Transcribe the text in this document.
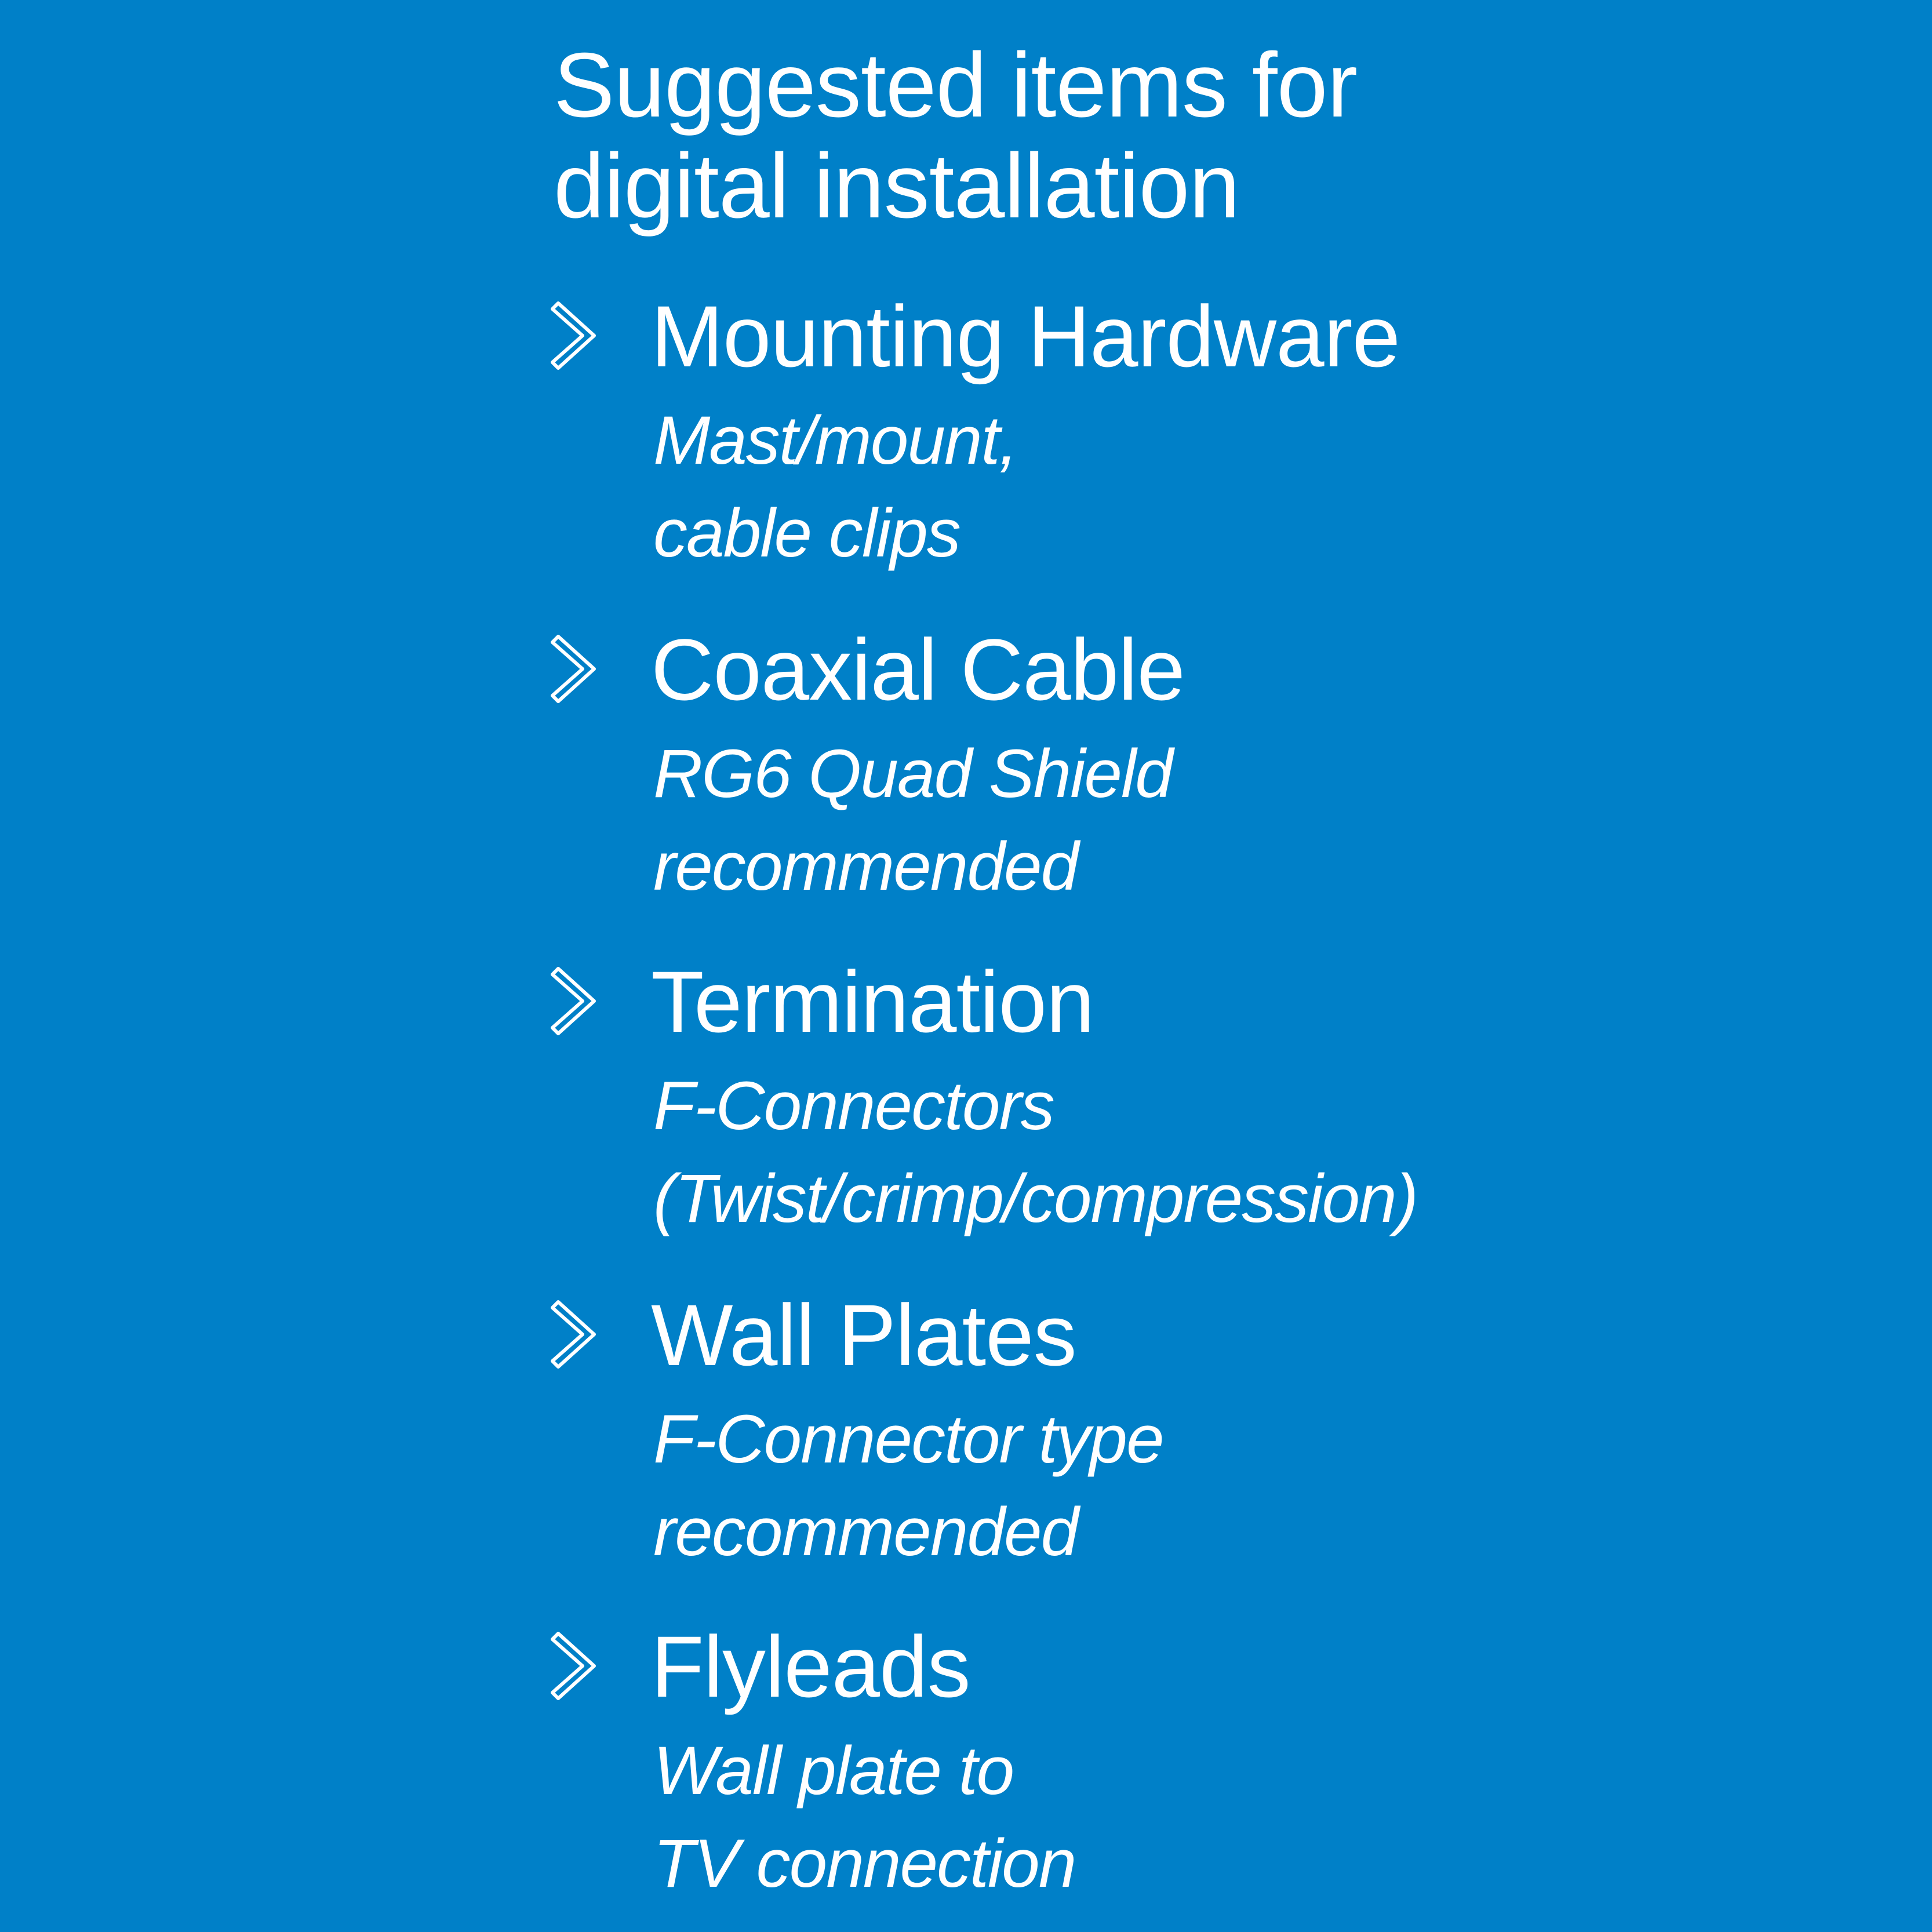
Suggested items for
digital installation
Mounting Hardware
Mast/mount,
cable clips
Coaxial Cable
RG6 Quad Shield
recommended
Termination
F-Connectors
(Twist/crimp/compression)
Wall Plates
F-Connector type
recommended
Flyleads
Wall plate to
TV connection
